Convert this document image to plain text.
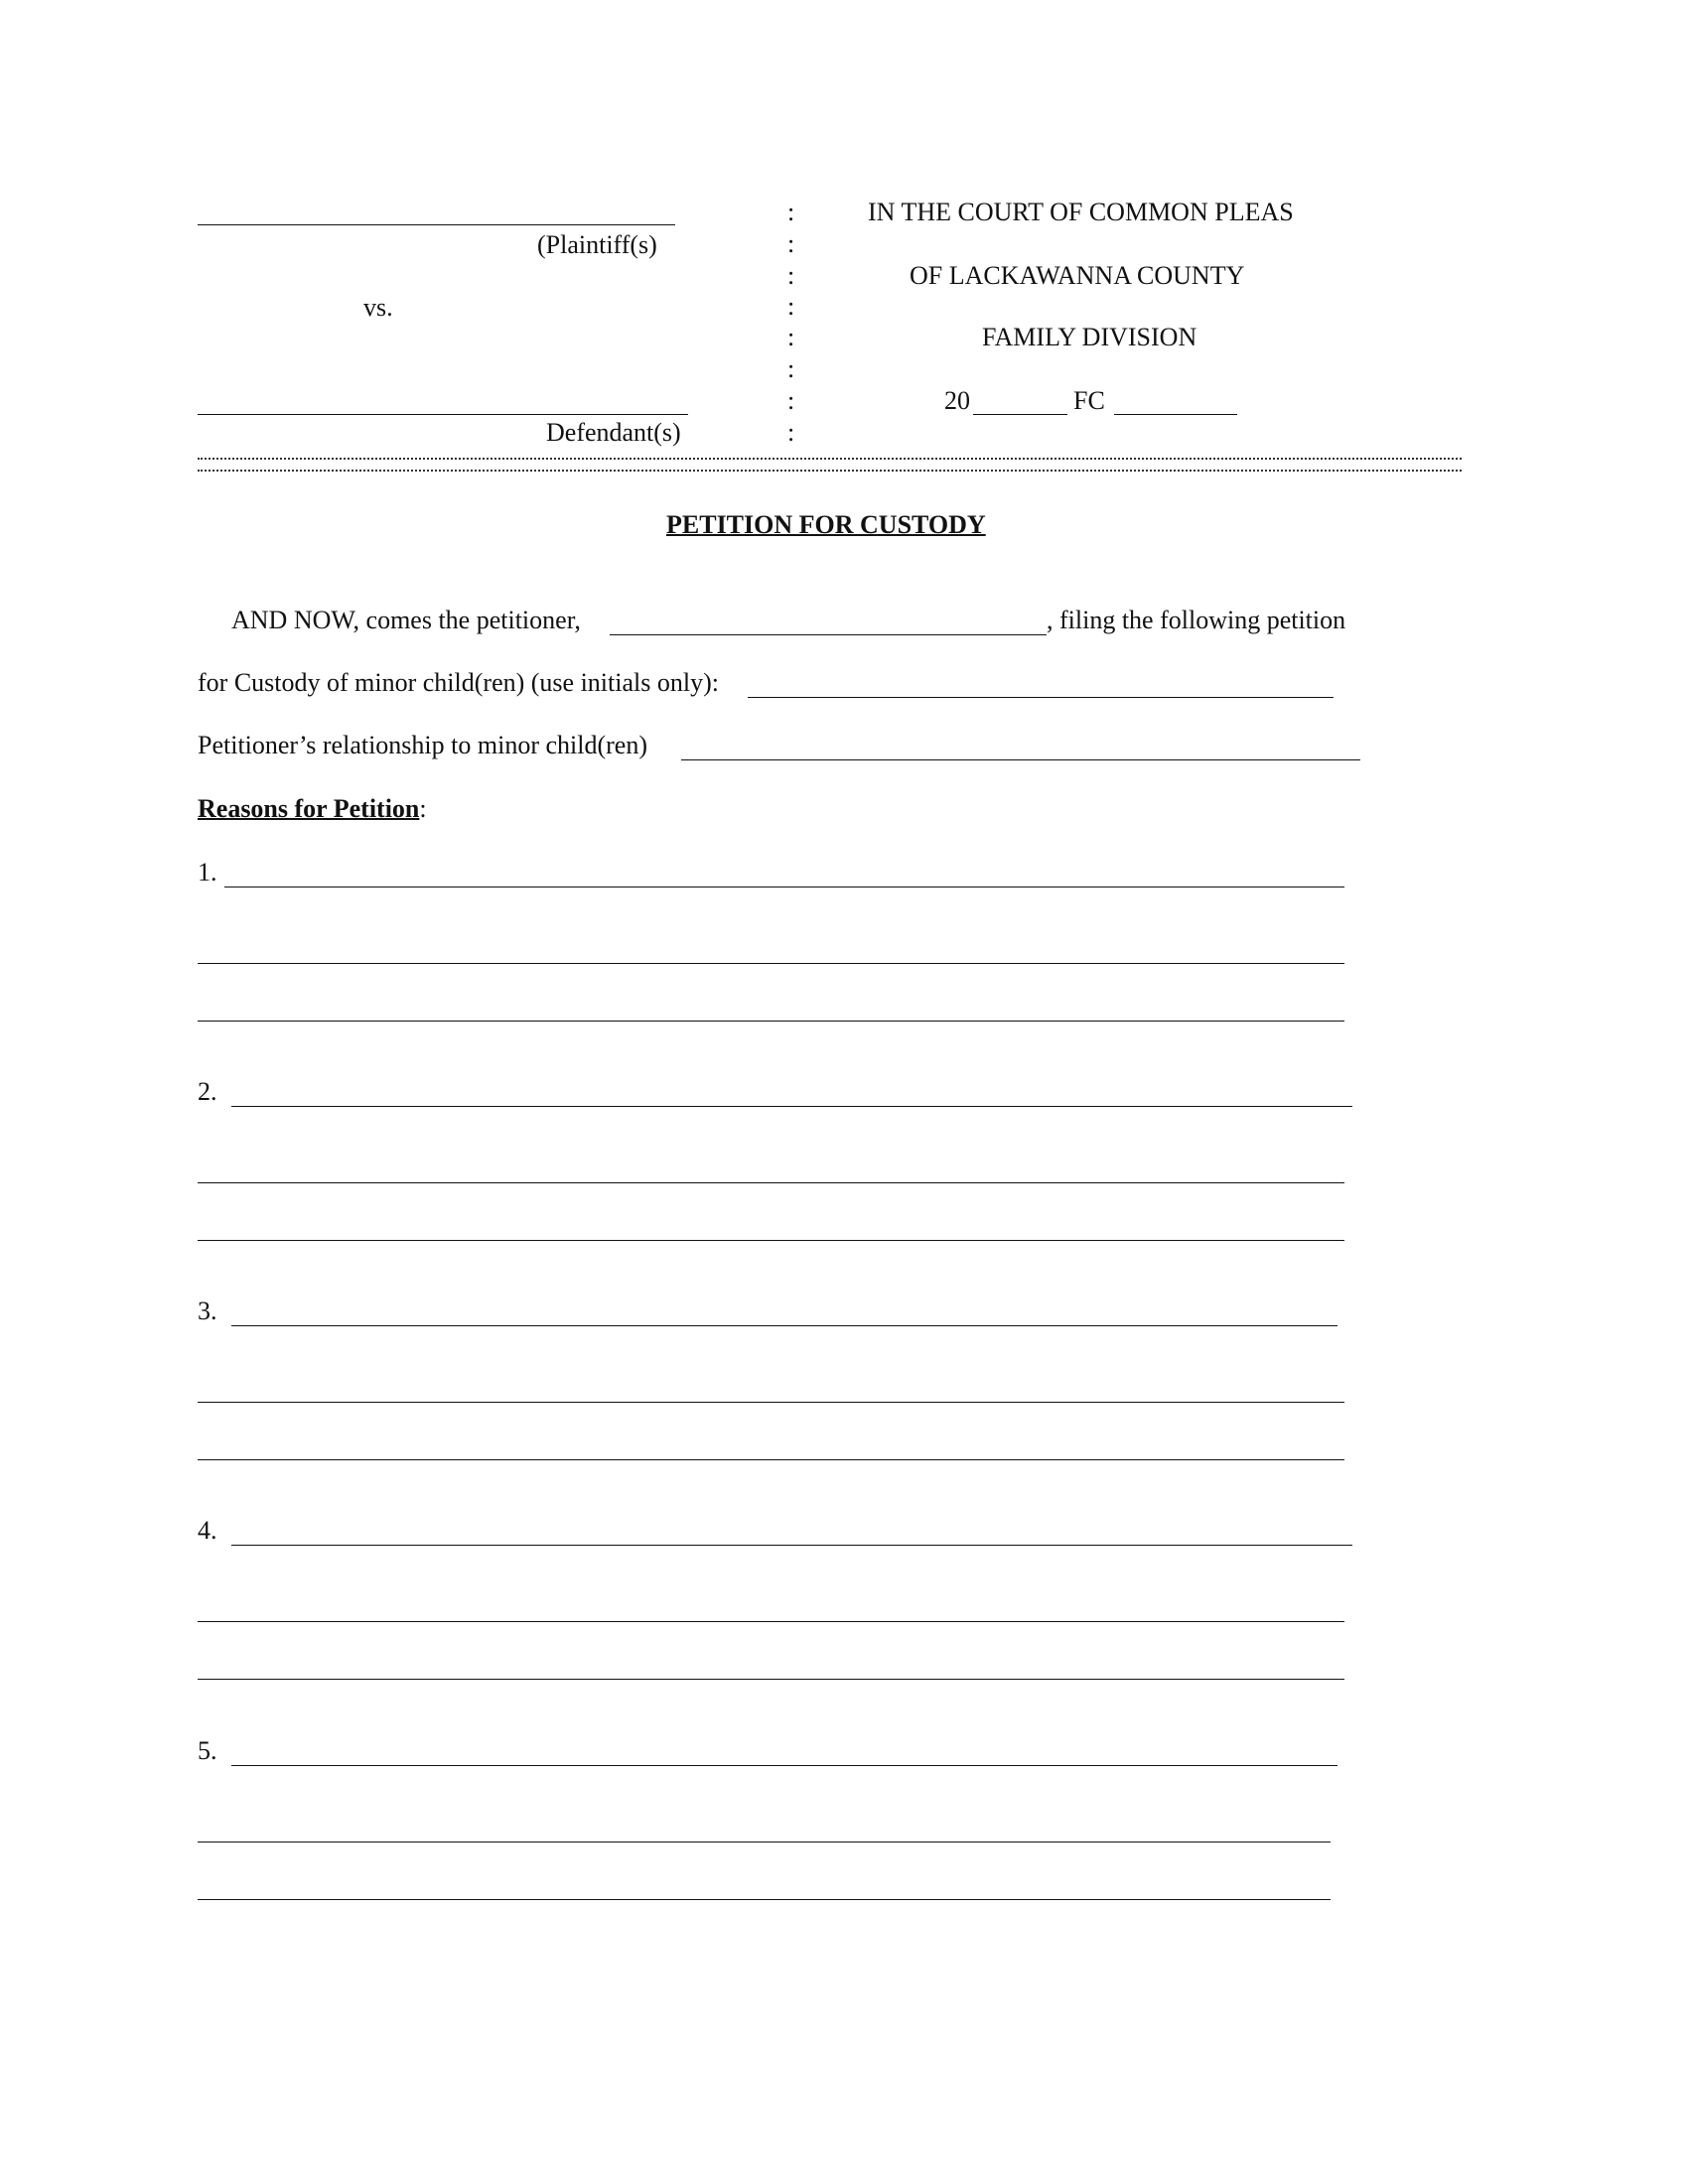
(Plaintiff(s)
vs.
Defendant(s)
:
:
:
:
:
:
:
:
IN THE COURT OF COMMON PLEAS
OF LACKAWANNA COUNTY
FAMILY DIVISION
20	FC
PETITION FOR CUSTODY
AND NOW, comes the petitioner,	, filing the following petition
for Custody of minor child(ren) (use initials only):
Petitioner’s relationship to minor child(ren)
Reasons for Petition:
1.
2.
3.
4.
5.
